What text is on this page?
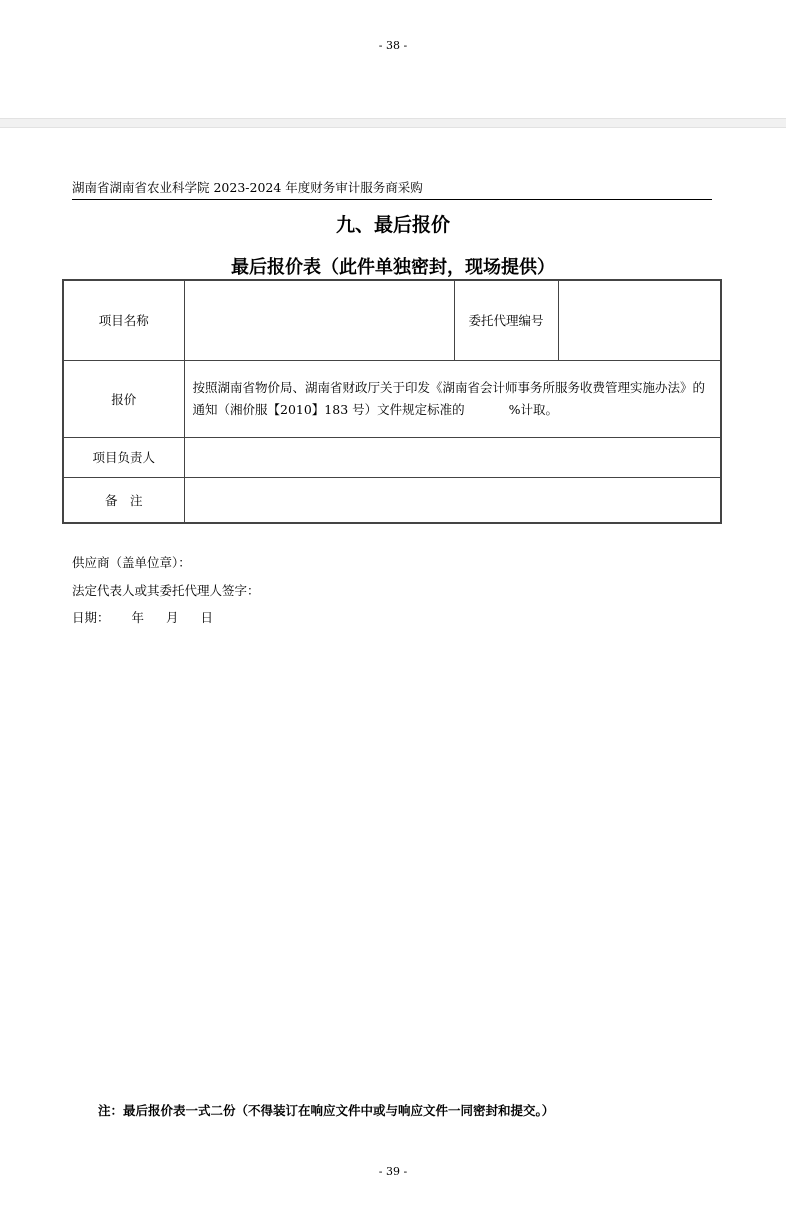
- 38 -
湖南省湖南省农业科学院 2023-2024 年度财务审计服务商采购
九、最后报价
最后报价表（此件单独密封，现场提供）
项目名称		委托代理编号	
报价	按照湖南省物价局、湖南省财政厅关于印发《湖南省会计师事务所服务收费管理实施办法》的通知（湘价服【2010】183 号）文件规定标准的 %计取。		
项目负责人			
备　注			
供应商（盖单位章）：
法定代表人或其委托代理人签字：
日期： 年 月 日
注：最后报价表一式二份（不得装订在响应文件中或与响应文件一同密封和提交。）
- 39 -
